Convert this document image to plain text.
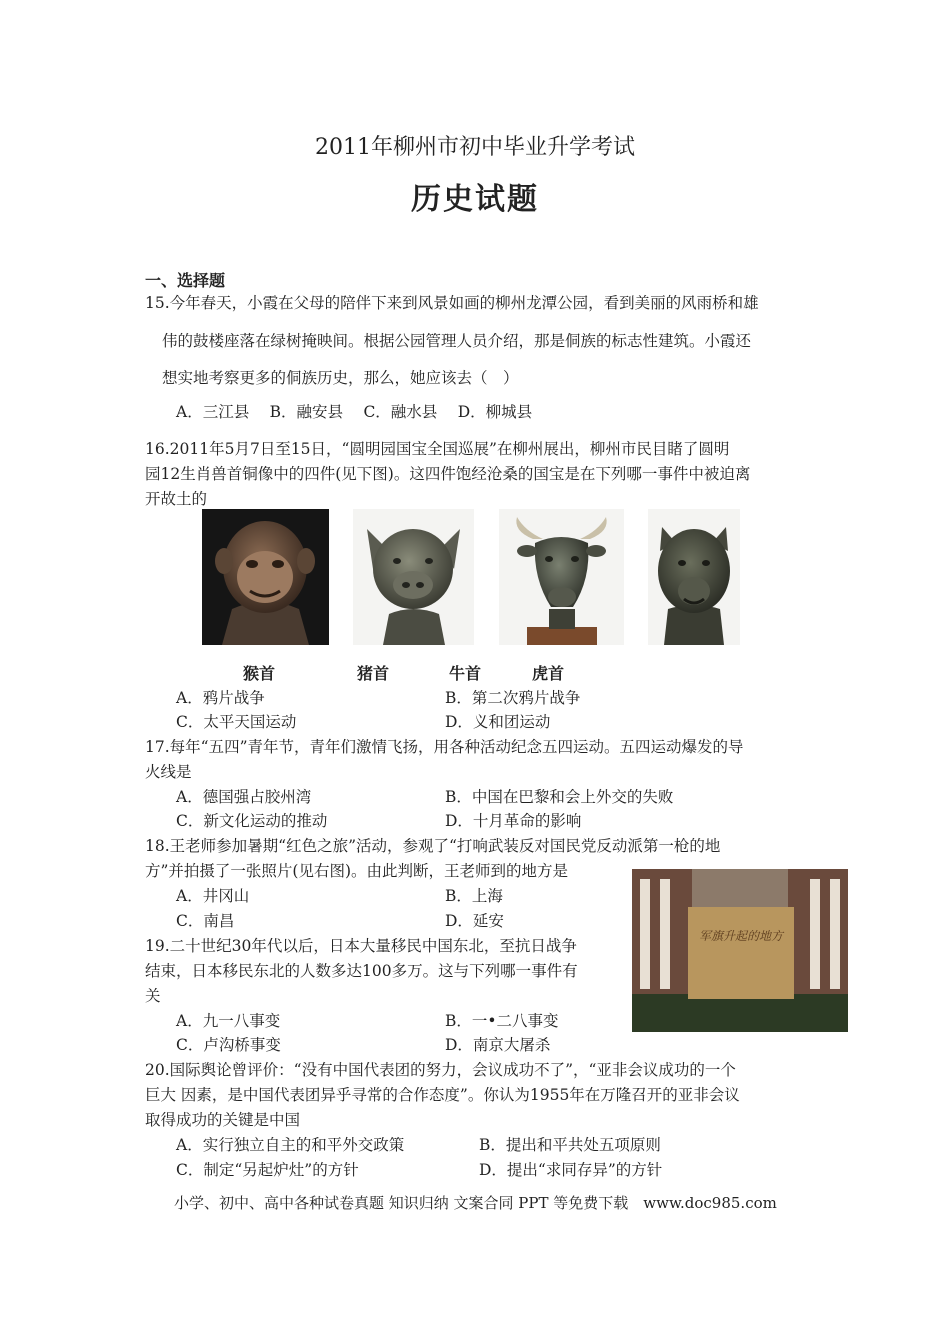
2011年柳州市初中毕业升学考试
历史试题
一、选择题
15.今年春天，小霞在父母的陪伴下来到风景如画的柳州龙潭公园，看到美丽的风雨桥和雄
伟的鼓楼座落在绿树掩映间。根据公园管理人员介绍，那是侗族的标志性建筑。小霞还
想实地考察更多的侗族历史，那么，她应该去（　）
A．三江县　 B．融安县　 C．融水县　 D．柳城县
16.2011年5月7日至15日，“圆明园国宝全国巡展”在柳州展出，柳州市民目睹了圆明
园12生肖兽首铜像中的四件(见下图)。这四件饱经沧桑的国宝是在下列哪一事件中被迫离
开故土的
猴首	猪首	牛首	虎首
A．鸦片战争	B．第二次鸦片战争
C．太平天国运动	D．义和团运动
17.每年“五四”青年节，青年们激情飞扬，用各种活动纪念五四运动。五四运动爆发的导
火线是
A．德国强占胶州湾	B．中国在巴黎和会上外交的失败
C．新文化运动的推动	D．十月革命的影响
18.王老师参加暑期“红色之旅”活动，参观了“打响武装反对国民党反动派第一枪的地
方”并拍摄了一张照片(见右图)。由此判断，王老师到的地方是
A．井冈山	B．上海
C．南昌	D．延安
军旗升起的地方
19.二十世纪30年代以后，日本大量移民中国东北，至抗日战争
结束，日本移民东北的人数多达100多万。这与下列哪一事件有
关
A．九一八事变	B．一•二八事变
C．卢沟桥事变	D．南京大屠杀
20.国际舆论曾评价：“没有中国代表团的努力，会议成功不了”，“亚非会议成功的一个
巨大 因素，是中国代表团异乎寻常的合作态度”。你认为1955年在万隆召开的亚非会议
取得成功的关键是中国
A．实行独立自主的和平外交政策	B．提出和平共处五项原则
C．制定“另起炉灶”的方针	D．提出“求同存异”的方针
小学、初中、高中各种试卷真题 知识归纳 文案合同 PPT 等免费下载　www.doc985.com
